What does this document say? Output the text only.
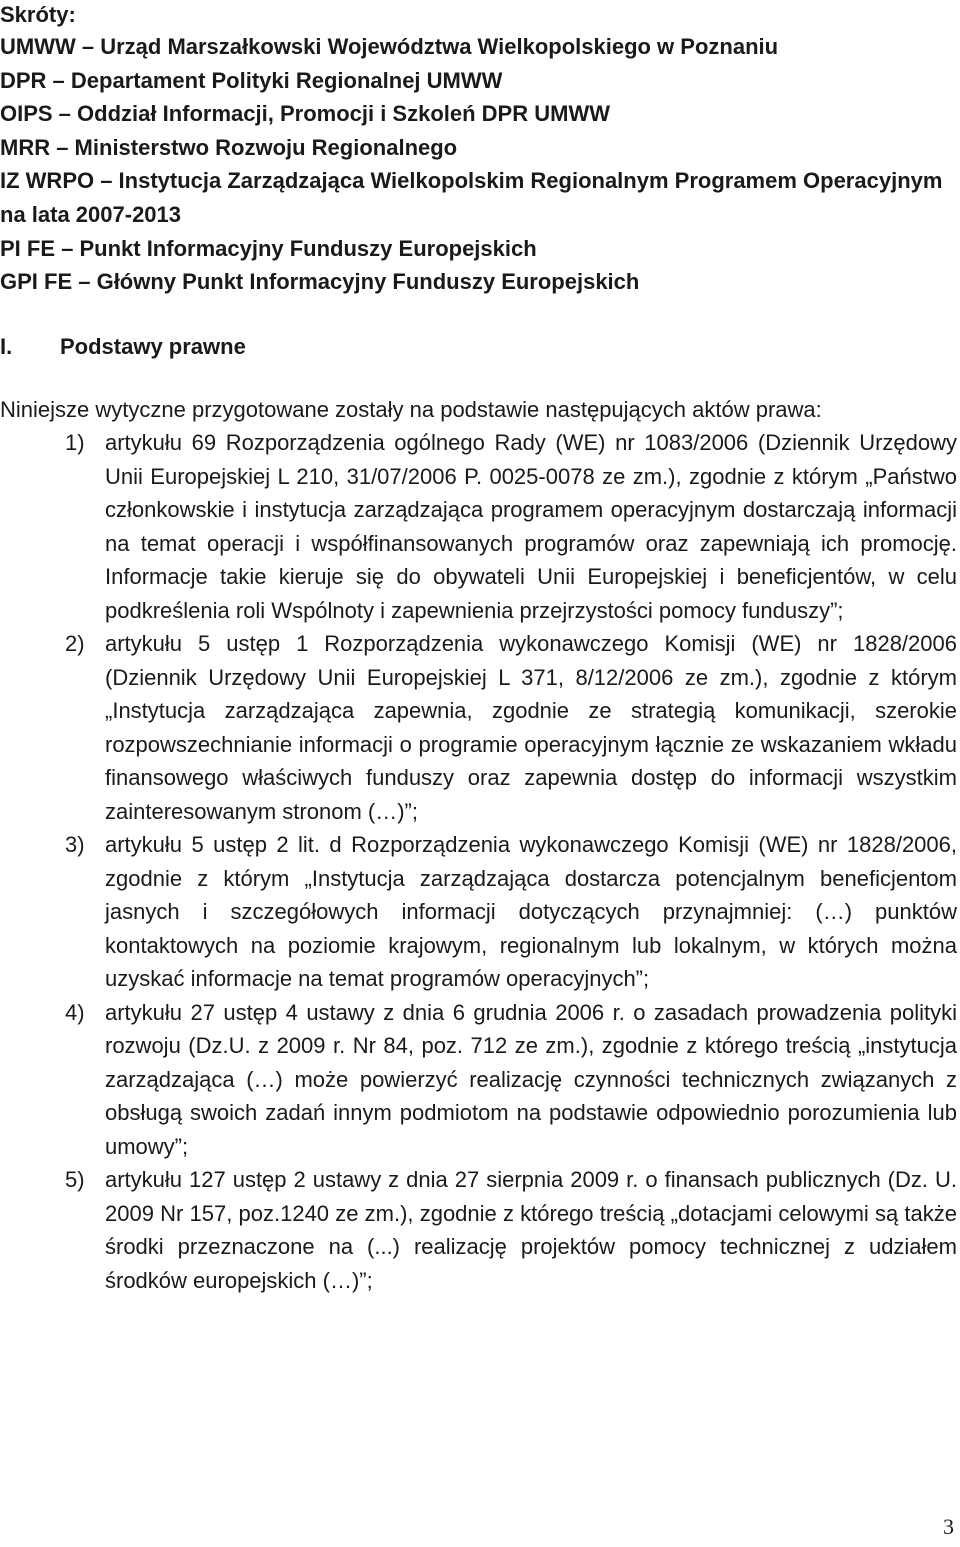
Skróty:
UMWW – Urząd Marszałkowski Województwa Wielkopolskiego w Poznaniu
DPR – Departament Polityki Regionalnej UMWW
OIPS – Oddział Informacji, Promocji i Szkoleń DPR UMWW
MRR – Ministerstwo Rozwoju Regionalnego
IZ WRPO – Instytucja Zarządzająca Wielkopolskim Regionalnym Programem Operacyjnym na lata 2007-2013
PI FE – Punkt Informacyjny Funduszy Europejskich
GPI FE – Główny Punkt Informacyjny Funduszy Europejskich
I. Podstawy prawne

Niniejsze wytyczne przygotowane zostały na podstawie następujących aktów prawa:

1) artykułu 69 Rozporządzenia ogólnego Rady (WE) nr 1083/2006 (Dziennik Urzędowy Unii Europejskiej L 210, 31/07/2006 P. 0025-0078 ze zm.), zgodnie z którym „Państwo członkowskie i instytucja zarządzająca programem operacyjnym dostarczają informacji na temat operacji i współfinansowanych programów oraz zapewniają ich promocję. Informacje takie kieruje się do obywateli Unii Europejskiej i beneficjentów, w celu podkreślenia roli Wspólnoty i zapewnienia przejrzystości pomocy funduszy”;
2) artykułu 5 ustęp 1 Rozporządzenia wykonawczego Komisji (WE) nr 1828/2006 (Dziennik Urzędowy Unii Europejskiej L 371, 8/12/2006 ze zm.), zgodnie z którym „Instytucja zarządzająca zapewnia, zgodnie ze strategią komunikacji, szerokie rozpowszechnianie informacji o programie operacyjnym łącznie ze wskazaniem wkładu finansowego właściwych funduszy oraz zapewnia dostęp do informacji wszystkim zainteresowanym stronom (…)”;
3) artykułu 5 ustęp 2 lit. d Rozporządzenia wykonawczego Komisji (WE) nr 1828/2006, zgodnie z którym „Instytucja zarządzająca dostarcza potencjalnym beneficjentom jasnych i szczegółowych informacji dotyczących przynajmniej: (…) punktów kontaktowych na poziomie krajowym, regionalnym lub lokalnym, w których można uzyskać informacje na temat programów operacyjnych”;
4) artykułu 27 ustęp 4 ustawy z dnia 6 grudnia 2006 r. o zasadach prowadzenia polityki rozwoju (Dz.U. z 2009 r. Nr 84, poz. 712 ze zm.), zgodnie z którego treścią „instytucja zarządzająca (…) może powierzyć realizację czynności technicznych związanych z obsługą swoich zadań innym podmiotom na podstawie odpowiednio porozumienia lub umowy”;
5) artykułu 127 ustęp 2 ustawy z dnia 27 sierpnia 2009 r. o finansach publicznych (Dz. U. 2009 Nr 157, poz.1240 ze zm.), zgodnie z którego treścią „dotacjami celowymi są także środki przeznaczone na (...) realizację projektów pomocy technicznej z udziałem środków europejskich (…)”;

3
